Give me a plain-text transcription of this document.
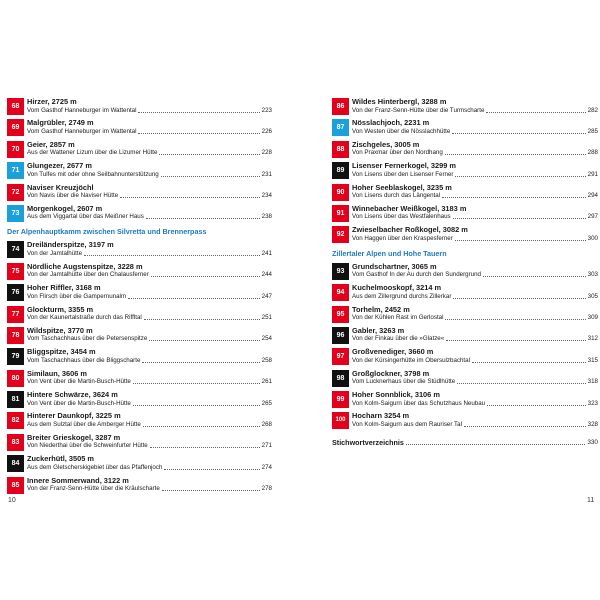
68
Hirzer, 2725 m
Vom Gasthof Hanneburger im Wattental	223
69
Malgrübler, 2749 m
Vom Gasthof Hanneburger im Wattental	226
70
Geier, 2857 m
Aus der Wattener Lizum über die Lizumer Hütte	228
71
Glungezer, 2677 m
Von Tulfes mit oder ohne Seilbahnunterstützung	231
72
Naviser Kreuzjöchl
Von Navis über die Naviser Hütte	234
73
Morgenkogel, 2607 m
Aus dem Viggartal über das Meißner Haus	238
Der Alpenhauptkamm zwischen Silvretta und Brennerpass
74
Dreiländerspitze, 3197 m
Von der Jamtalhütte	241
75
Nördliche Augstenspitze, 3228 m
Von der Jamtalhütte über den Chalausferner	244
76
Hoher Riffler, 3168 m
Von Flirsch über die Gampernunalm	247
77
Glockturm, 3355 m
Von der Kaunertalstraße durch das Riffltal	251
78
Wildspitze, 3770 m
Vom Taschachhaus über die Petersenspitze	254
79
Bliggspitze, 3454 m
Vom Taschachhaus über die Bliggscharte	258
80
Similaun, 3606 m
Von Vent über die Martin-Busch-Hütte	261
81
Hintere Schwärze, 3624 m
Von Vent über die Martin-Busch-Hütte	265
82
Hinterer Daunkopf, 3225 m
Aus dem Sulztal über die Amberger Hütte	268
83
Breiter Grieskogel, 3287 m
Von Niederthai über die Schweinfurter Hütte	271
84
Zuckerhütl, 3505 m
Aus dem Gletscherskigebiet über das Pfaffenjoch	274
85
Innere Sommerwand, 3122 m
Von der Franz-Senn-Hütte über die Kräulscharte	278
86
Wildes Hinterbergl, 3288 m
Von der Franz-Senn-Hütte über die Turmscharte	282
87
Nösslachjoch, 2231 m
Von Westen über die Nösslachhütte	285
88
Zischgeles, 3005 m
Von Praxmar über den Nordhang	288
89
Lisenser Fernerkogel, 3299 m
Von Lisens über den Lisenser Ferner	291
90
Hoher Seeblaskogel, 3235 m
Von Lisens durch das Längental	294
91
Winnebacher Weißkogel, 3183 m
Von Lisens über das Westfalenhaus	297
92
Zwieselbacher Roßkogel, 3082 m
Von Haggen über den Kraspesferner	300
Zillertaler Alpen und Hohe Tauern
93
Grundschartner, 3065 m
Vom Gasthof In der Au durch den Sundergrund	303
94
Kuchelmooskopf, 3214 m
Aus dem Zillergrund durchs Zillerkar	305
95
Torhelm, 2452 m
Von der Kühlen Rast im Gerlostal	309
96
Gabler, 3263 m
Von der Finkau über die »Glatze«	312
97
Großvenediger, 3660 m
Von der Kürsingerhütte im Obersulzbachtal	315
98
Großglockner, 3798 m
Vom Lucknerhaus über die Stüdlhütte	318
99
Hoher Sonnblick, 3106 m
Von Kolm-Saigurn über das Schutzhaus Neubau	323
100 Hocharn 3254 m
Von Kolm-Saigurn aus dem Rauriser Tal	328
Stichwortverzeichnis	330
10	11
